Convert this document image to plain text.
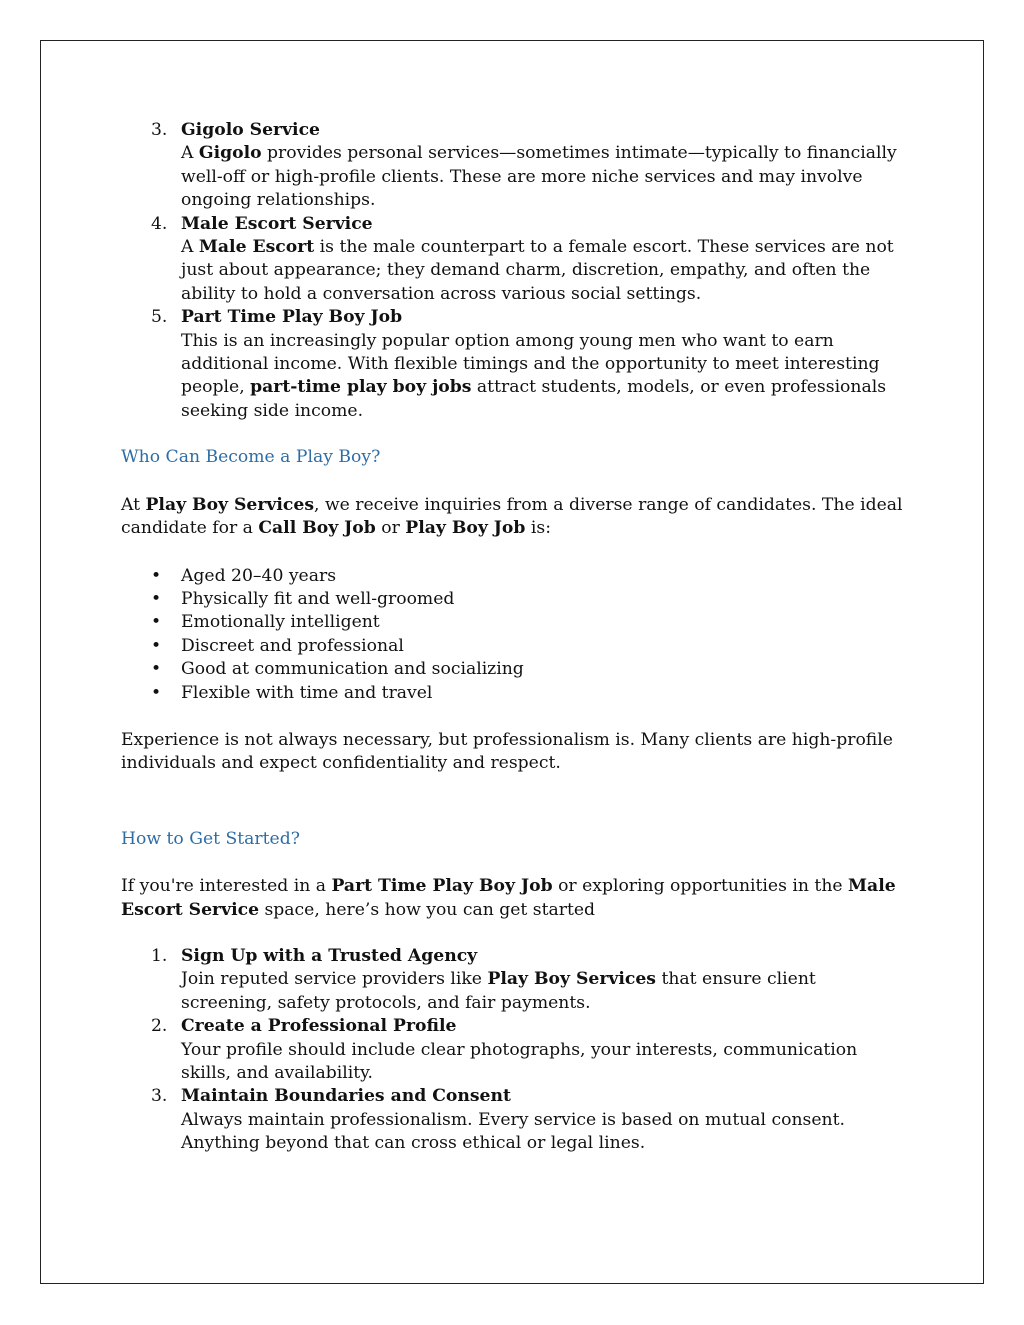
3. Gigolo Service
A Gigolo provides personal services—sometimes intimate—typically to financially well-off or high-profile clients. These are more niche services and may involve ongoing relationships.
4. Male Escort Service
A Male Escort is the male counterpart to a female escort. These services are not just about appearance; they demand charm, discretion, empathy, and often the ability to hold a conversation across various social settings.
5. Part Time Play Boy Job
This is an increasingly popular option among young men who want to earn additional income. With flexible timings and the opportunity to meet interesting people, part-time play boy jobs attract students, models, or even professionals seeking side income.
Who Can Become a Play Boy?

At Play Boy Services, we receive inquiries from a diverse range of candidates. The ideal candidate for a Call Boy Job or Play Boy Job is:

• Aged 20–40 years
• Physically fit and well-groomed
• Emotionally intelligent
• Discreet and professional
• Good at communication and socializing
• Flexible with time and travel

Experience is not always necessary, but professionalism is. Many clients are high-profile individuals and expect confidentiality and respect.

How to Get Started?

If you're interested in a Part Time Play Boy Job or exploring opportunities in the Male Escort Service space, here’s how you can get started

1. Sign Up with a Trusted Agency
Join reputed service providers like Play Boy Services that ensure client screening, safety protocols, and fair payments.
2. Create a Professional Profile
Your profile should include clear photographs, your interests, communication skills, and availability.
3. Maintain Boundaries and Consent
Always maintain professionalism. Every service is based on mutual consent. Anything beyond that can cross ethical or legal lines.
